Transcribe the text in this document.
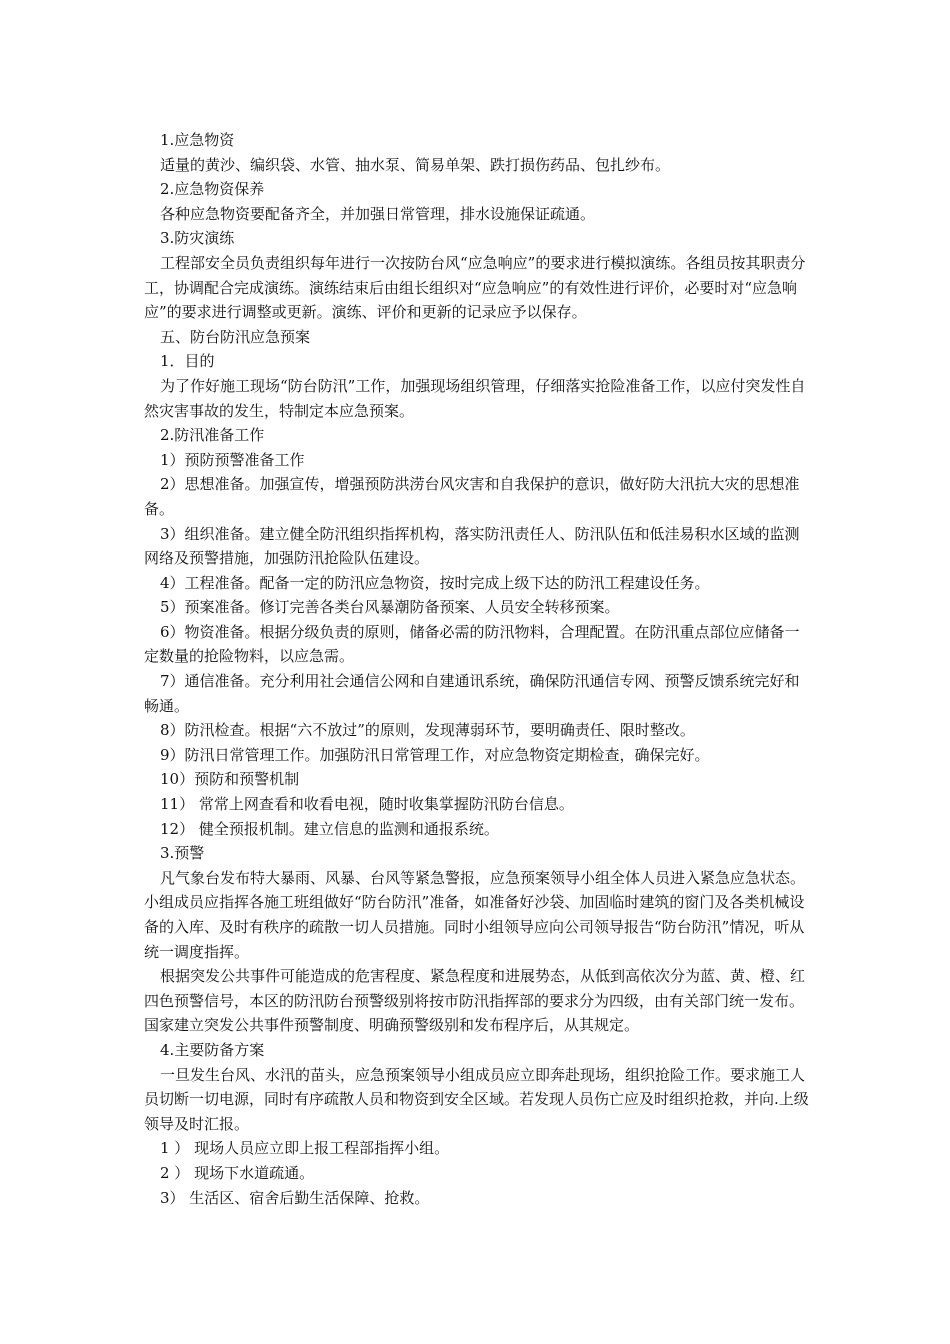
1.应急物资

适量的黄沙、编织袋、水管、抽水泵、简易单架、跌打损伤药品、包扎纱布。

2.应急物资保养

各种应急物资要配备齐全，并加强日常管理，排水设施保证疏通。

3.防灾演练

工程部安全员负责组织每年进行一次按防台风“应急响应”的要求进行模拟演练。各组员按其职责分工，协调配合完成演练。演练结束后由组长组织对“应急响应”的有效性进行评价，必要时对“应急响应”的要求进行调整或更新。演练、评价和更新的记录应予以保存。

五、防台防汛应急预案

1．目的

为了作好施工现场“防台防汛”工作，加强现场组织管理，仔细落实抢险准备工作，以应付突发性自然灾害事故的发生，特制定本应急预案。

2.防汛准备工作

1）预防预警准备工作

2）思想准备。加强宣传，增强预防洪涝台风灾害和自我保护的意识，做好防大汛抗大灾的思想准备。

3）组织准备。建立健全防汛组织指挥机构，落实防汛责任人、防汛队伍和低洼易积水区域的监测网络及预警措施，加强防汛抢险队伍建设。

4）工程准备。配备一定的防汛应急物资，按时完成上级下达的防汛工程建设任务。

5）预案准备。修订完善各类台风暴潮防备预案、人员安全转移预案。

6）物资准备。根据分级负责的原则，储备必需的防汛物料，合理配置。在防汛重点部位应储备一定数量的抢险物料，以应急需。

7）通信准备。充分利用社会通信公网和自建通讯系统，确保防汛通信专网、预警反馈系统完好和畅通。

8）防汛检查。根据“六不放过”的原则，发现薄弱环节，要明确责任、限时整改。

9）防汛日常管理工作。加强防汛日常管理工作，对应急物资定期检查，确保完好。

10）预防和预警机制

11） 常常上网查看和收看电视，随时收集掌握防汛防台信息。

12） 健全预报机制。建立信息的监测和通报系统。

3.预警

凡气象台发布特大暴雨、风暴、台风等紧急警报，应急预案领导小组全体人员进入紧急应急状态。小组成员应指挥各施工班组做好“防台防汛”准备，如准备好沙袋、加固临时建筑的窗门及各类机械设备的入库、及时有秩序的疏散一切人员措施。同时小组领导应向公司领导报告“防台防汛”情况，听从统一调度指挥。

根据突发公共事件可能造成的危害程度、紧急程度和进展势态，从低到高依次分为蓝、黄、橙、红四色预警信号，本区的防汛防台预警级别将按市防汛指挥部的要求分为四级，由有关部门统一发布。国家建立突发公共事件预警制度、明确预警级别和发布程序后，从其规定。

4.主要防备方案

一旦发生台风、水汛的苗头，应急预案领导小组成员应立即奔赴现场，组织抢险工作。要求施工人员切断一切电源，同时有序疏散人员和物资到安全区域。若发现人员伤亡应及时组织抢救，并向.上级领导及时汇报。

1 ） 现场人员应立即上报工程部指挥小组。

2 ） 现场下水道疏通。

3） 生活区、宿舍后勤生活保障、抢救。
